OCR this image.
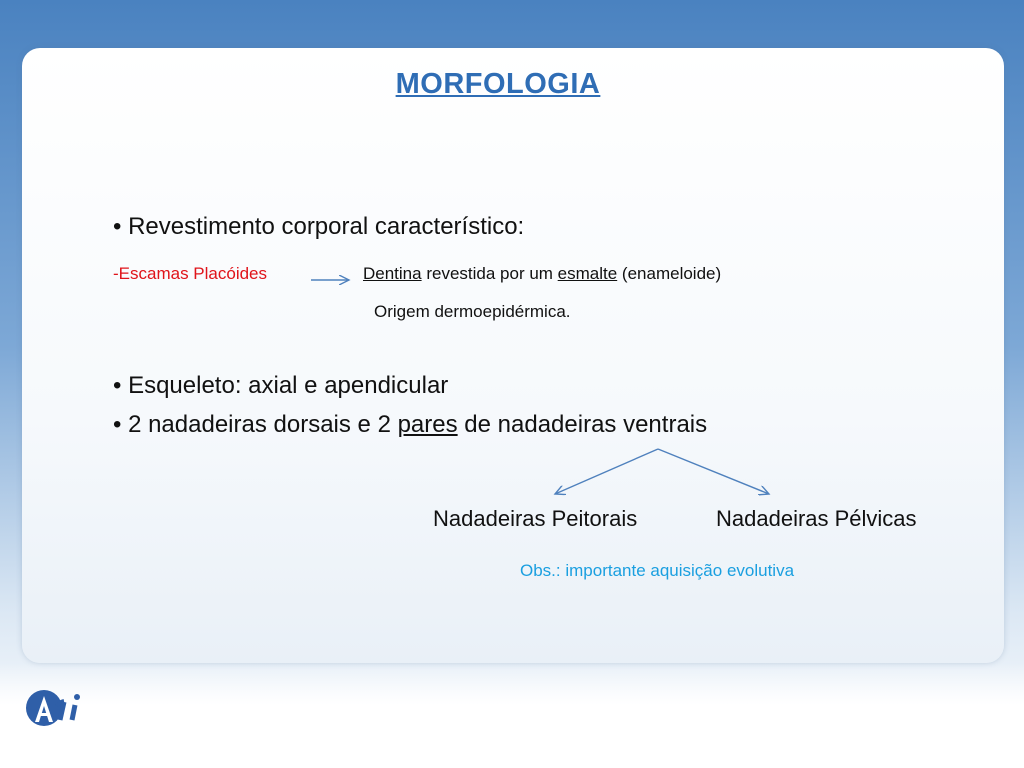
MORFOLOGIA
• Revestimento corporal característico:
-Escamas Placóides	Dentina revestida por um esmalte (enameloide)
Origem dermoepidérmica.
• Esqueleto: axial e apendicular
• 2 nadadeiras dorsais e 2 pares de nadadeiras ventrais
Nadadeiras Peitorais	Nadadeiras Pélvicas
Obs.: importante aquisição evolutiva
